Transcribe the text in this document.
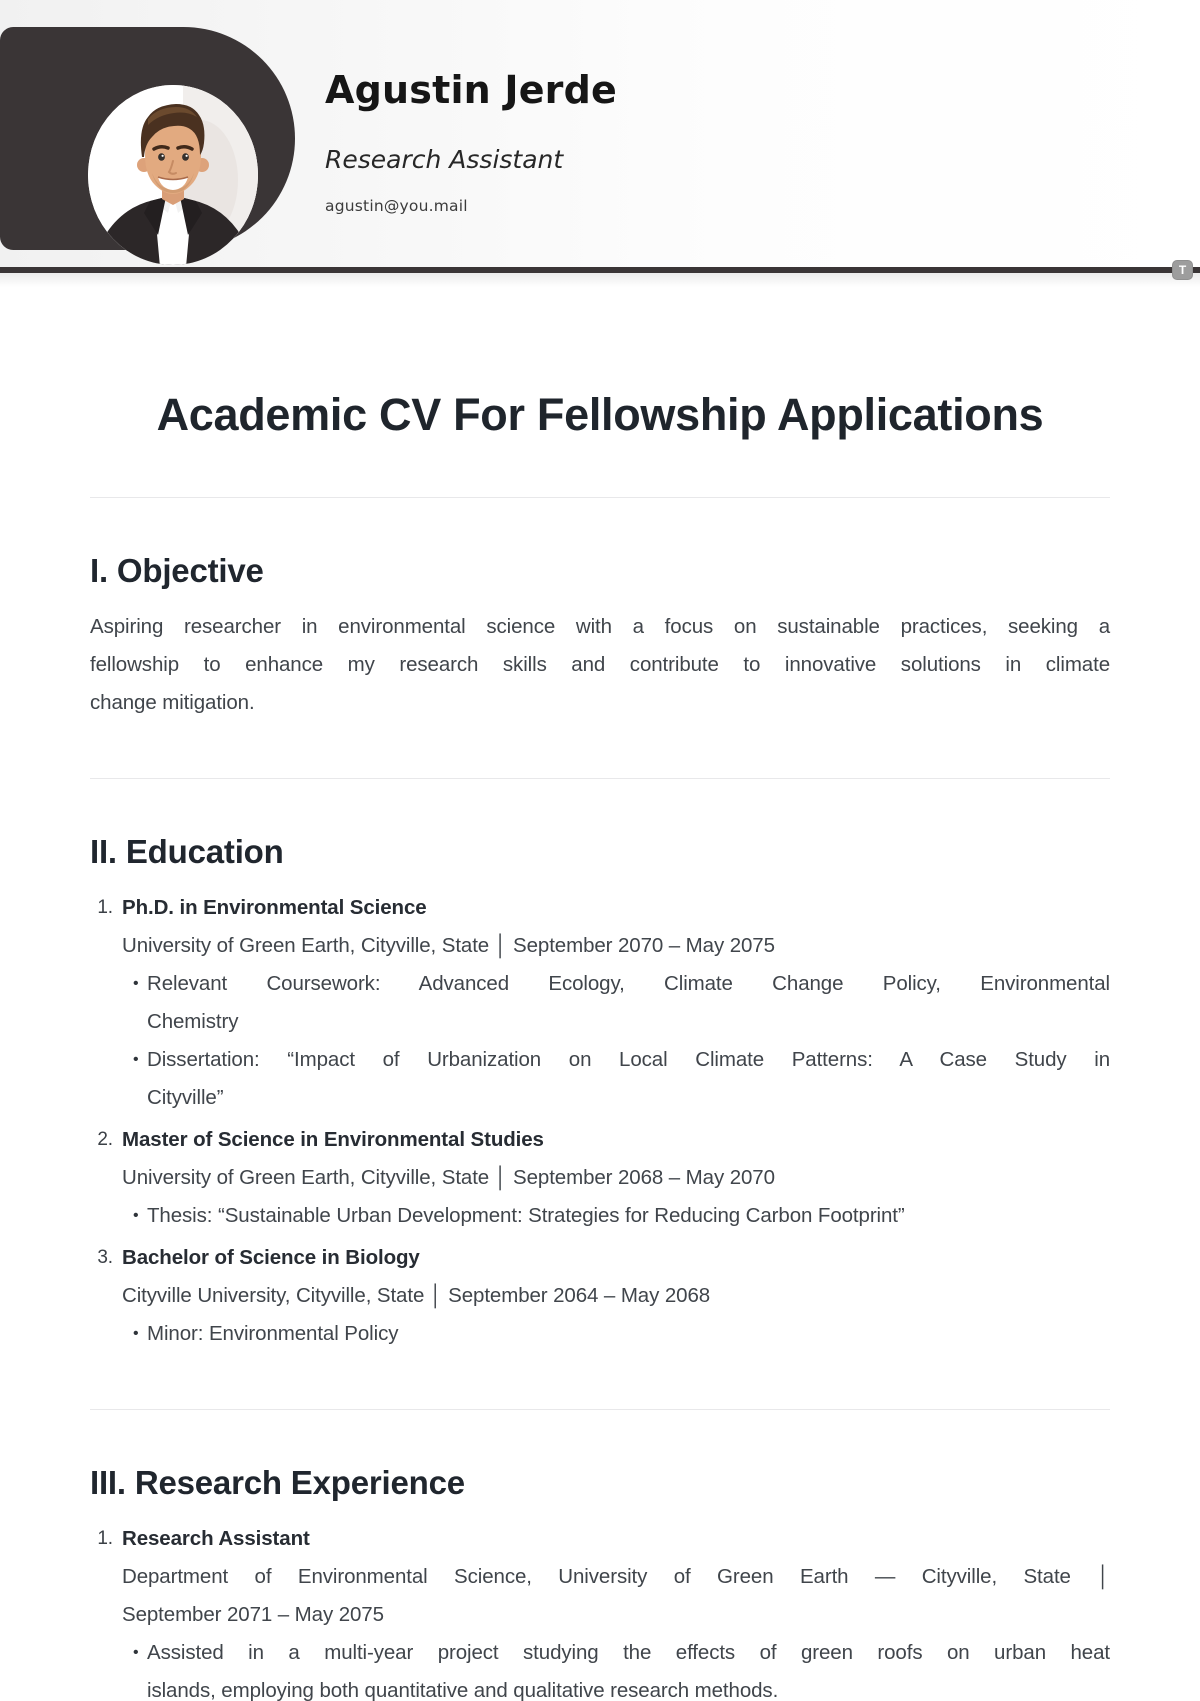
Agustin Jerde
Research Assistant
agustin@you.mail
T
Academic CV For Fellowship Applications
I. Objective
Aspiring researcher in environmental science with a focus on sustainable practices, seeking a
fellowship to enhance my research skills and contribute to innovative solutions in climate
change mitigation.
II. Education
1. Ph.D. in Environmental Science
University of Green Earth, Cityville, State │ September 2070 – May 2075
• Relevant Coursework: Advanced Ecology, Climate Change Policy, Environmental
Chemistry
• Dissertation: “Impact of Urbanization on Local Climate Patterns: A Case Study in
Cityville”
2. Master of Science in Environmental Studies
University of Green Earth, Cityville, State │ September 2068 – May 2070
• Thesis: “Sustainable Urban Development: Strategies for Reducing Carbon Footprint”
3. Bachelor of Science in Biology
Cityville University, Cityville, State │ September 2064 – May 2068
• Minor: Environmental Policy
III. Research Experience
1. Research Assistant
Department of Environmental Science, University of Green Earth — Cityville, State │
September 2071 – May 2075
• Assisted in a multi-year project studying the effects of green roofs on urban heat
islands, employing both quantitative and qualitative research methods.
